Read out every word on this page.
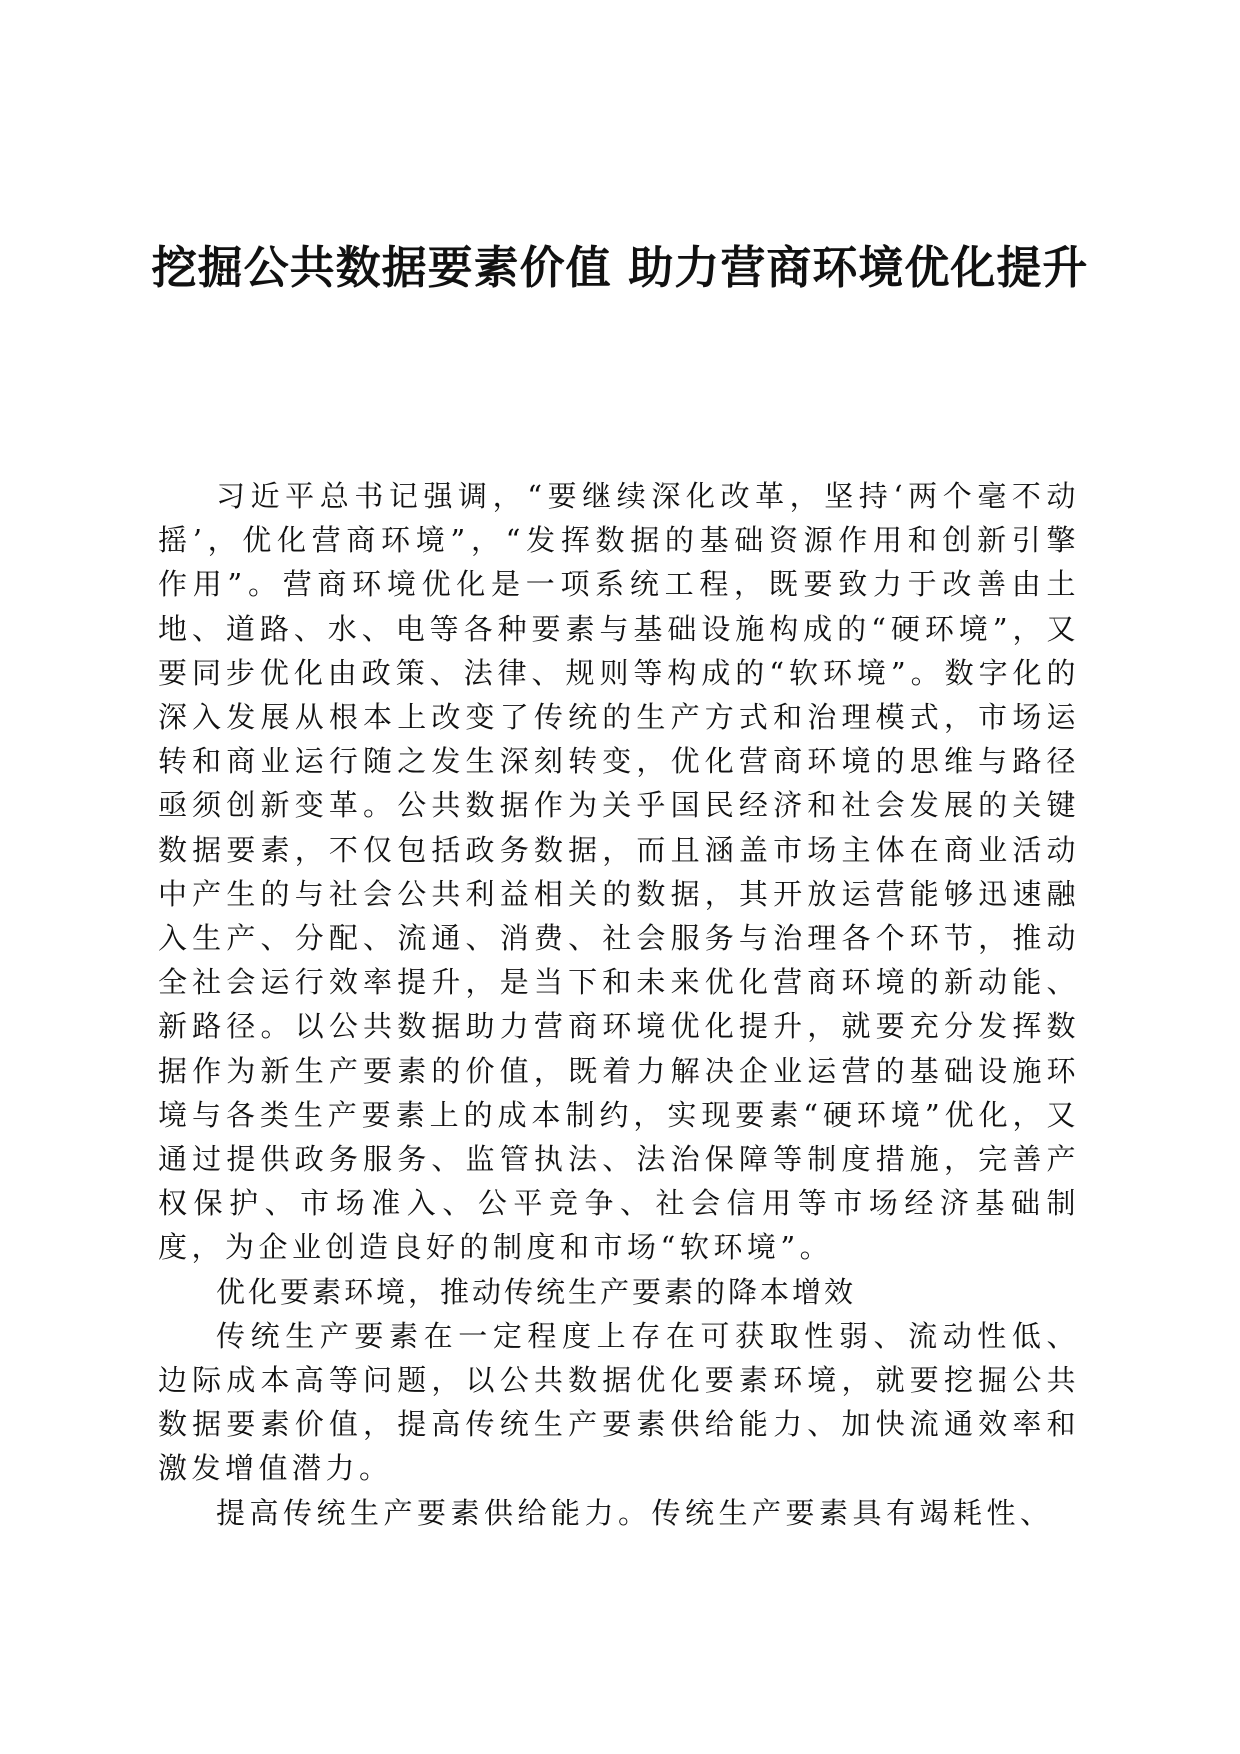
挖掘公共数据要素价值 助力营商环境优化提升

习近平总书记强调，“要继续深化改革，坚持‘两个毫不动摇’，优化营商环境”，“发挥数据的基础资源作用和创新引擎作用”。营商环境优化是一项系统工程，既要致力于改善由土地、道路、水、电等各种要素与基础设施构成的“硬环境”，又要同步优化由政策、法律、规则等构成的“软环境”。数字化的深入发展从根本上改变了传统的生产方式和治理模式，市场运转和商业运行随之发生深刻转变，优化营商环境的思维与路径亟须创新变革。公共数据作为关乎国民经济和社会发展的关键数据要素，不仅包括政务数据，而且涵盖市场主体在商业活动中产生的与社会公共利益相关的数据，其开放运营能够迅速融入生产、分配、流通、消费、社会服务与治理各个环节，推动全社会运行效率提升，是当下和未来优化营商环境的新动能、新路径。以公共数据助力营商环境优化提升，就要充分发挥数据作为新生产要素的价值，既着力解决企业运营的基础设施环境与各类生产要素上的成本制约，实现要素“硬环境”优化，又通过提供政务服务、监管执法、法治保障等制度措施，完善产权保护、市场准入、公平竞争、社会信用等市场经济基础制度，为企业创造良好的制度和市场“软环境”。

优化要素环境，推动传统生产要素的降本增效

传统生产要素在一定程度上存在可获取性弱、流动性低、边际成本高等问题，以公共数据优化要素环境，就要挖掘公共数据要素价值，提高传统生产要素供给能力、加快流通效率和激发增值潜力。

提高传统生产要素供给能力。传统生产要素具有竭耗性、
